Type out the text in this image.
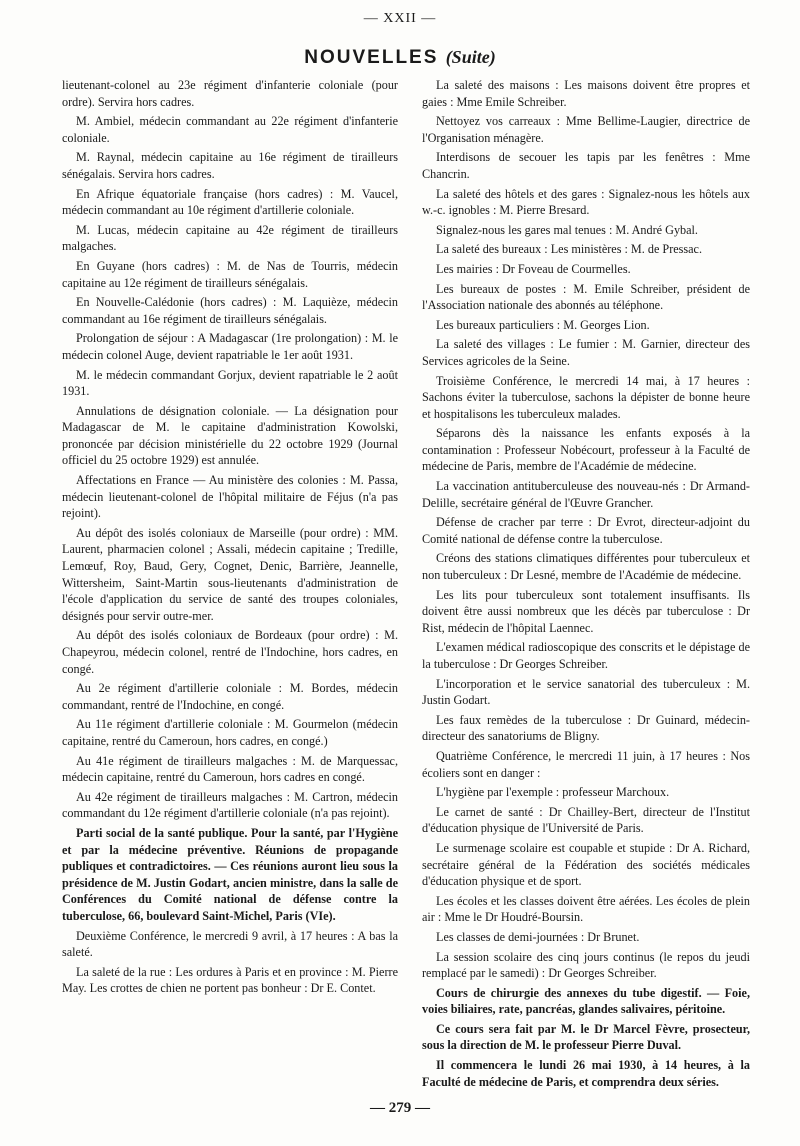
— XXII —
NOUVELLES (Suite)

lieutenant-colonel au 23e régiment d'infanterie coloniale (pour ordre). Servira hors cadres.

M. Ambiel, médecin commandant au 22e régiment d'infanterie coloniale.

M. Raynal, médecin capitaine au 16e régiment de tirailleurs sénégalais. Servira hors cadres.

En Afrique équatoriale française (hors cadres) : M. Vaucel, médecin commandant au 10e régiment d'artillerie coloniale.

M. Lucas, médecin capitaine au 42e régiment de tirailleurs malgaches.

En Guyane (hors cadres) : M. de Nas de Tourris, médecin capitaine au 12e régiment de tirailleurs sénégalais.

En Nouvelle-Calédonie (hors cadres) : M. Laquièze, médecin commandant au 16e régiment de tirailleurs sénégalais.

Prolongation de séjour : A Madagascar (1re prolongation) : M. le médecin colonel Auge, devient rapatriable le 1er août 1931.

M. le médecin commandant Gorjux, devient rapatriable le 2 août 1931.

Annulations de désignation coloniale. — La désignation pour Madagascar de M. le capitaine d'administration Kowolski, prononcée par décision ministérielle du 22 octobre 1929 (Journal officiel du 25 octobre 1929) est annulée.

Affectations en France — Au ministère des colonies : M. Passa, médecin lieutenant-colonel de l'hôpital militaire de Féjus (n'a pas rejoint).

Au dépôt des isolés coloniaux de Marseille (pour ordre) : MM. Laurent, pharmacien colonel ; Assali, médecin capitaine ; Tredille, Lemœuf, Roy, Baud, Gery, Cognet, Denic, Barrière, Jeannelle, Wittersheim, Saint-Martin sous-lieutenants d'administration de l'école d'application du service de santé des troupes coloniales, désignés pour servir outre-mer.

Au dépôt des isolés coloniaux de Bordeaux (pour ordre) : M. Chapeyrou, médecin colonel, rentré de l'Indochine, hors cadres, en congé.

Au 2e régiment d'artillerie coloniale : M. Bordes, médecin commandant, rentré de l'Indochine, en congé.

Au 11e régiment d'artillerie coloniale : M. Gourmelon (médecin capitaine, rentré du Cameroun, hors cadres, en congé.)

Au 41e régiment de tirailleurs malgaches : M. de Marquessac, médecin capitaine, rentré du Cameroun, hors cadres en congé.

Au 42e régiment de tirailleurs malgaches : M. Cartron, médecin commandant du 12e régiment d'artillerie coloniale (n'a pas rejoint).

Parti social de la santé publique. Pour la santé, par l'Hygiène et par la médecine préventive. Réunions de propagande publiques et contradictoires. — Ces réunions auront lieu sous la présidence de M. Justin Godart, ancien ministre, dans la salle de Conférences du Comité national de défense contre la tuberculose, 66, boulevard Saint-Michel, Paris (VIe).

Deuxième Conférence, le mercredi 9 avril, à 17 heures : A bas la saleté.

La saleté de la rue : Les ordures à Paris et en province : M. Pierre May. Les crottes de chien ne portent pas bonheur : Dr E. Contet.

La saleté des maisons : Les maisons doivent être propres et gaies : Mme Emile Schreiber.

Nettoyez vos carreaux : Mme Bellime-Laugier, directrice de l'Organisation ménagère.

Interdisons de secouer les tapis par les fenêtres : Mme Chancrin.

La saleté des hôtels et des gares : Signalez-nous les hôtels aux w.-c. ignobles : M. Pierre Bresard.

Signalez-nous les gares mal tenues : M. André Gybal.

La saleté des bureaux : Les ministères : M. de Pressac.

Les mairies : Dr Foveau de Courmelles.

Les bureaux de postes : M. Emile Schreiber, président de l'Association nationale des abonnés au téléphone.

Les bureaux particuliers : M. Georges Lion.

La saleté des villages : Le fumier : M. Garnier, directeur des Services agricoles de la Seine.

Troisième Conférence, le mercredi 14 mai, à 17 heures : Sachons éviter la tuberculose, sachons la dépister de bonne heure et hospitalisons les tuberculeux malades.

Séparons dès la naissance les enfants exposés à la contamination : Professeur Nobécourt, professeur à la Faculté de médecine de Paris, membre de l'Académie de médecine.

La vaccination antituberculeuse des nouveau-nés : Dr Armand-Delille, secrétaire général de l'Œuvre Grancher.

Défense de cracher par terre : Dr Evrot, directeur-adjoint du Comité national de défense contre la tuberculose.

Créons des stations climatiques différentes pour tuberculeux et non tuberculeux : Dr Lesné, membre de l'Académie de médecine.

Les lits pour tuberculeux sont totalement insuffisants. Ils doivent être aussi nombreux que les décès par tuberculose : Dr Rist, médecin de l'hôpital Laennec.

L'examen médical radioscopique des conscrits et le dépistage de la tuberculose : Dr Georges Schreiber.

L'incorporation et le service sanatorial des tuberculeux : M. Justin Godart.

Les faux remèdes de la tuberculose : Dr Guinard, médecin-directeur des sanatoriums de Bligny.

Quatrième Conférence, le mercredi 11 juin, à 17 heures : Nos écoliers sont en danger :

L'hygiène par l'exemple : professeur Marchoux.

Le carnet de santé : Dr Chailley-Bert, directeur de l'Institut d'éducation physique de l'Université de Paris.

Le surmenage scolaire est coupable et stupide : Dr A. Richard, secrétaire général de la Fédération des sociétés médicales d'éducation physique et de sport.

Les écoles et les classes doivent être aérées. Les écoles de plein air : Mme le Dr Houdré-Boursin.

Les classes de demi-journées : Dr Brunet.

La session scolaire des cinq jours continus (le repos du jeudi remplacé par le samedi) : Dr Georges Schreiber.

Cours de chirurgie des annexes du tube digestif. — Foie, voies biliaires, rate, pancréas, glandes salivaires, péritoine.

Ce cours sera fait par M. le Dr Marcel Fèvre, prosecteur, sous la direction de M. le professeur Pierre Duval.

Il commencera le lundi 26 mai 1930, à 14 heures, à la Faculté de médecine de Paris, et comprendra deux séries.

— 279 —
